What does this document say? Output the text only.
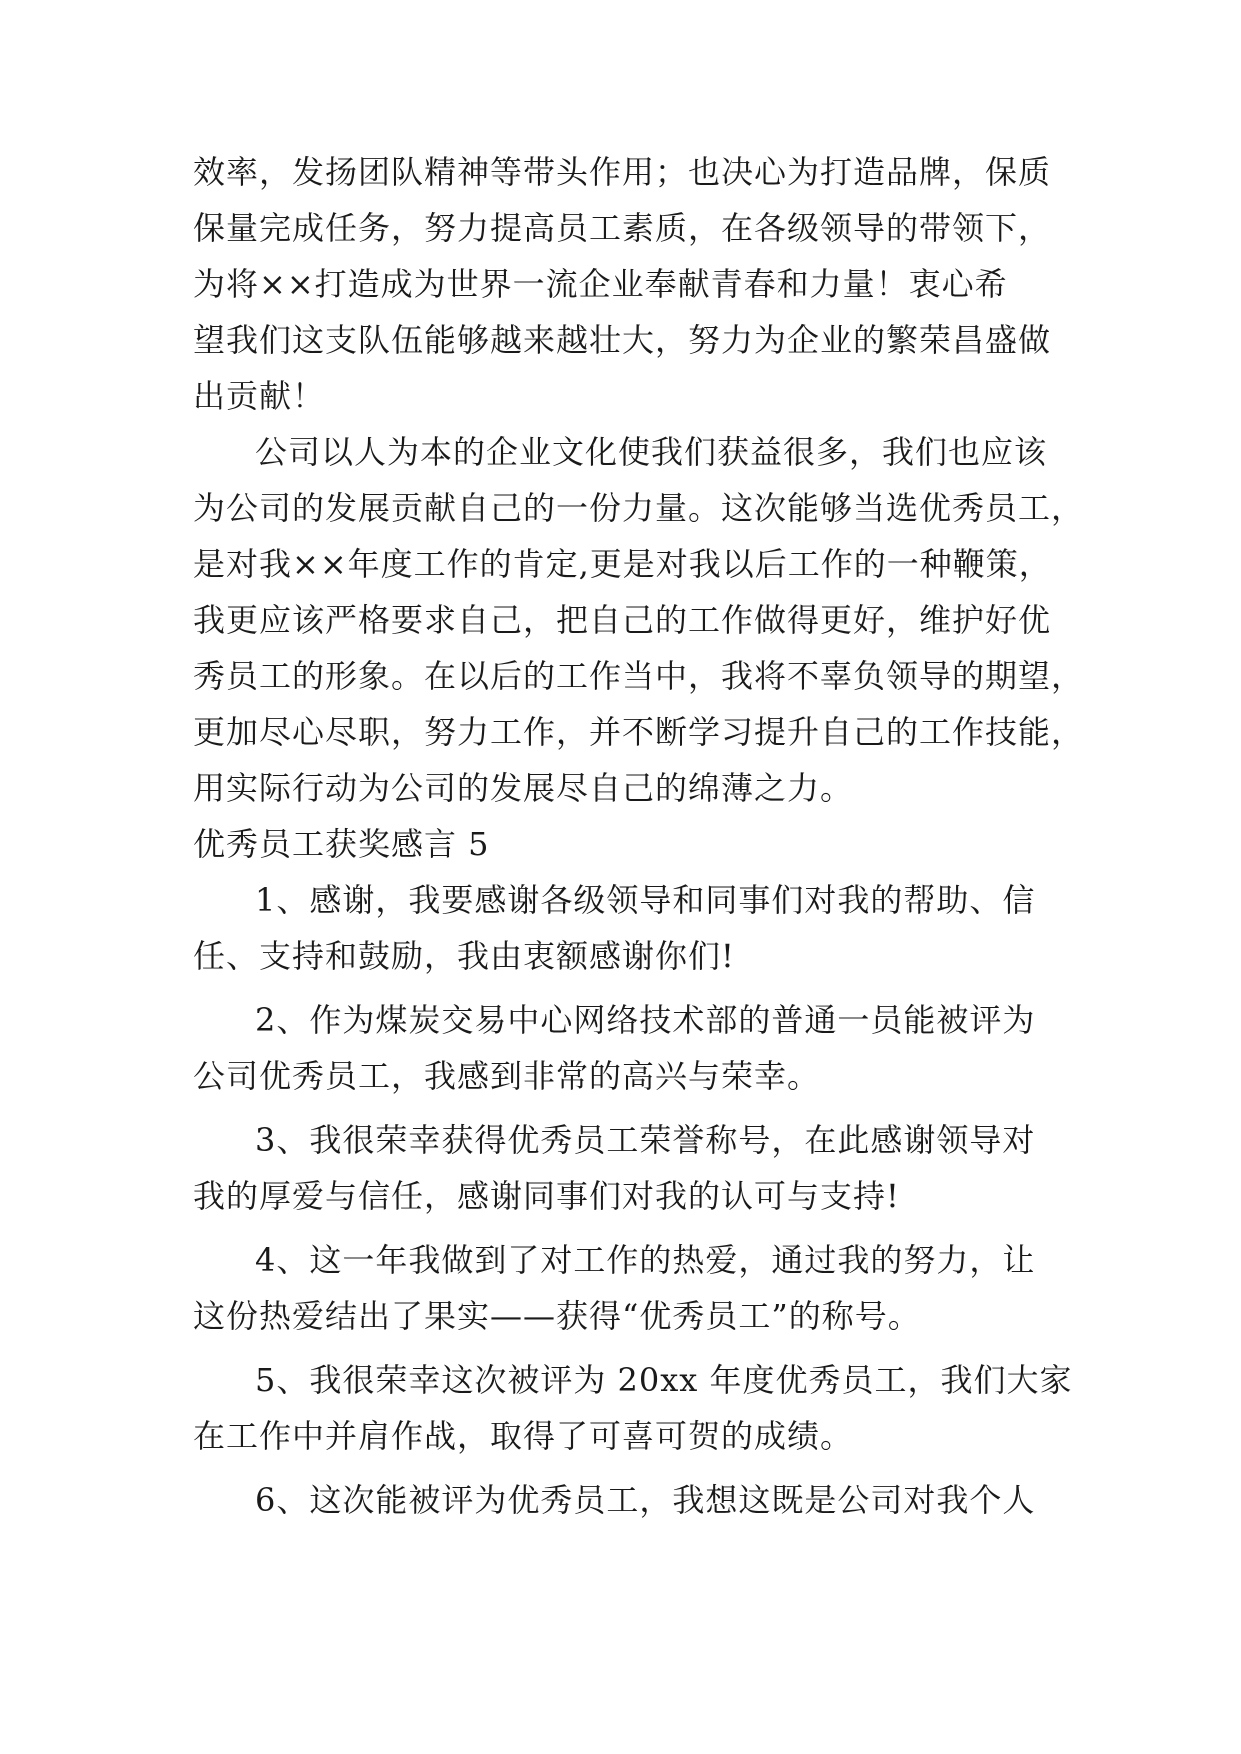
效率，发扬团队精神等带头作用；也决心为打造品牌，保质
保量完成任务，努力提高员工素质，在各级领导的带领下，
为将××打造成为世界一流企业奉献青春和力量！衷心希
望我们这支队伍能够越来越壮大，努力为企业的繁荣昌盛做
出贡献！
公司以人为本的企业文化使我们获益很多，我们也应该
为公司的发展贡献自己的一份力量。这次能够当选优秀员工，
是对我××年度工作的肯定,更是对我以后工作的一种鞭策，
我更应该严格要求自己，把自己的工作做得更好，维护好优
秀员工的形象。在以后的工作当中，我将不辜负领导的期望，
更加尽心尽职，努力工作，并不断学习提升自己的工作技能，
用实际行动为公司的发展尽自己的绵薄之力。
优秀员工获奖感言 5
1、感谢，我要感谢各级领导和同事们对我的帮助、信
任、支持和鼓励，我由衷额感谢你们!
2、作为煤炭交易中心网络技术部的普通一员能被评为
公司优秀员工，我感到非常的高兴与荣幸。
3、我很荣幸获得优秀员工荣誉称号，在此感谢领导对
我的厚爱与信任，感谢同事们对我的认可与支持!
4、这一年我做到了对工作的热爱，通过我的努力，让
这份热爱结出了果实——获得“优秀员工”的称号。
5、我很荣幸这次被评为 20xx 年度优秀员工，我们大家
在工作中并肩作战，取得了可喜可贺的成绩。
6、这次能被评为优秀员工，我想这既是公司对我个人
